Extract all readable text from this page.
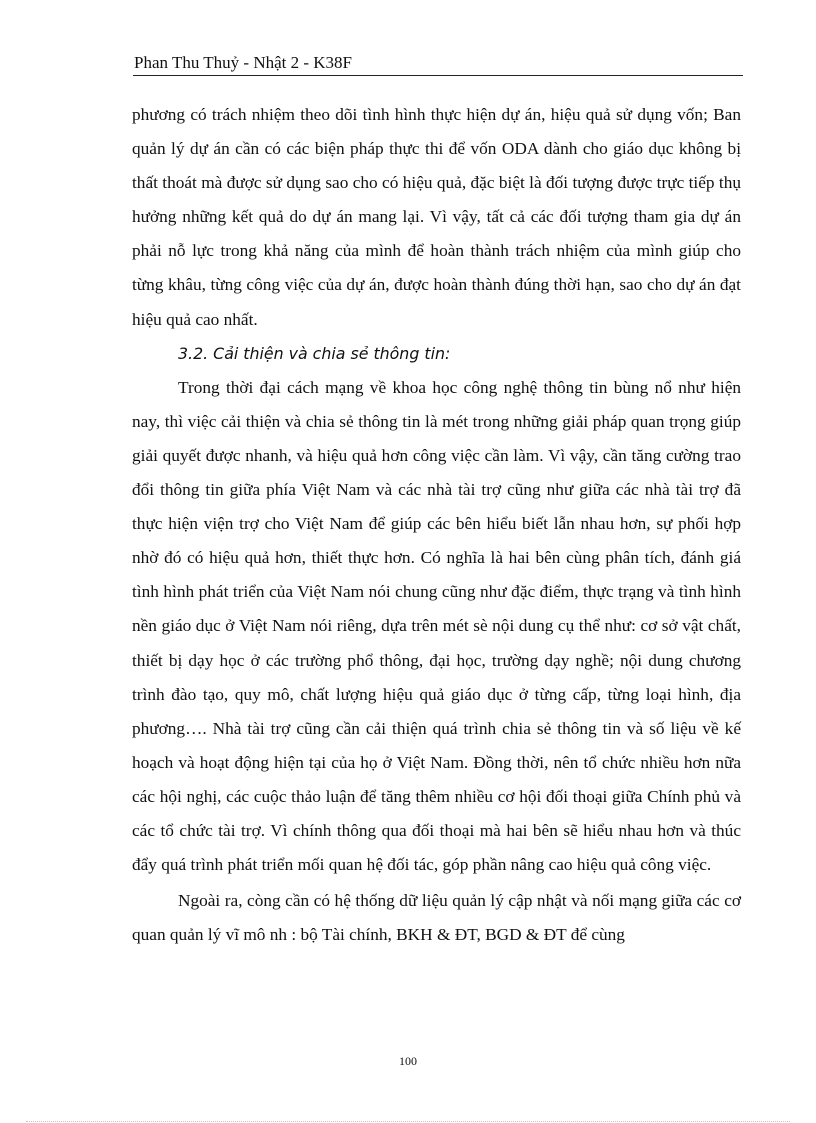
Phan Thu Thuỷ - Nhật 2 - K38F

phương có trách nhiệm theo dõi tình hình thực hiện dự án, hiệu quả sử dụng vốn; Ban quản lý dự án cần có các biện pháp thực thi để vốn ODA dành cho giáo dục không bị thất thoát mà được sử dụng sao cho có hiệu quả, đặc biệt là đối tượng được trực tiếp thụ hưởng những kết quả do dự án mang lại. Vì vậy, tất cả các đối tượng tham gia dự án phải nỗ lực trong khả năng của mình để hoàn thành trách nhiệm của mình giúp cho từng khâu, từng công việc của dự án, được hoàn thành đúng thời hạn, sao cho dự án đạt hiệu quả cao nhất.

3.2. Cải thiện và chia sẻ thông tin:

Trong thời đại cách mạng về khoa học công nghệ thông tin bùng nổ như hiện nay, thì việc cải thiện và chia sẻ thông tin là mét trong những giải pháp quan trọng giúp giải quyết được nhanh, và hiệu quả hơn công việc cần làm. Vì vậy, cần tăng cường trao đổi thông tin giữa phía Việt Nam và các nhà tài trợ cũng như giữa các nhà tài trợ đã thực hiện viện trợ cho Việt Nam để giúp các bên hiểu biết lẫn nhau hơn, sự phối hợp nhờ đó có hiệu quả hơn, thiết thực hơn. Có nghĩa là hai bên cùng phân tích, đánh giá tình hình phát triển của Việt Nam nói chung cũng như đặc điểm, thực trạng và tình hình nền giáo dục ở Việt Nam nói riêng, dựa trên mét sè nội dung cụ thể như: cơ sở vật chất, thiết bị dạy học ở các trường phổ thông, đại học, trường dạy nghề; nội dung chương trình đào tạo, quy mô, chất lượng hiệu quả giáo dục ở từng cấp, từng loại hình, địa phương…. Nhà tài trợ cũng cần cải thiện quá trình chia sẻ thông tin và số liệu về kế hoạch và hoạt động hiện tại của họ ở Việt Nam. Đồng thời, nên tổ chức nhiều hơn nữa các hội nghị, các cuộc thảo luận để tăng thêm nhiều cơ hội đối thoại giữa Chính phủ và các tổ chức tài trợ. Vì chính thông qua đối thoại mà hai bên sẽ hiểu nhau hơn và thúc đẩy quá trình phát triển mối quan hệ đối tác, góp phần nâng cao hiệu quả công việc.

Ngoài ra, còng cần có hệ thống dữ liệu quản lý cập nhật và nối mạng giữa các cơ quan quản lý vĩ mô nh : bộ Tài chính, BKH & ĐT, BGD & ĐT để cùng

100
